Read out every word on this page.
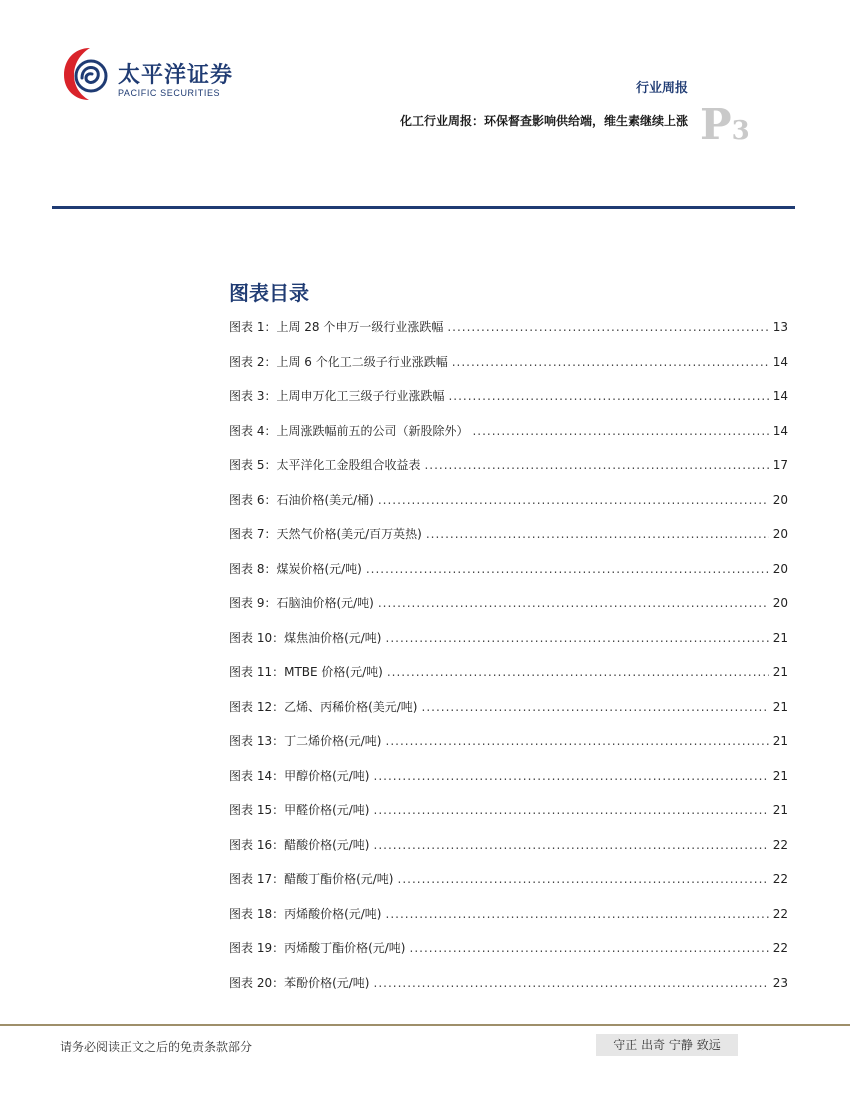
太平洋证券
PACIFIC SECURITIES	行业周报
化工行业周报：环保督查影响供给端，维生素继续上涨 P3
图表目录
图表 1：上周 28 个申万一级行业涨跌幅 .....	13
图表 2：上周 6 个化工二级子行业涨跌幅 .....	14
图表 3：上周申万化工三级子行业涨跌幅 .....	14
图表 4：上周涨跌幅前五的公司（新股除外） .....	14
图表 5：太平洋化工金股组合收益表 .....	17
图表 6：石油价格(美元/桶) .....	20
图表 7：天然气价格(美元/百万英热) .....	20
图表 8：煤炭价格(元/吨) .....	20
图表 9：石脑油价格(元/吨) .....	20
图表 10：煤焦油价格(元/吨) .....	21
图表 11：MTBE 价格(元/吨) .....	21
图表 12：乙烯、丙稀价格(美元/吨) .....	21
图表 13：丁二烯价格(元/吨) .....	21
图表 14：甲醇价格(元/吨) .....	21
图表 15：甲醛价格(元/吨) .....	21
图表 16：醋酸价格(元/吨) .....	22
图表 17：醋酸丁酯价格(元/吨) .....	22
图表 18：丙烯酸价格(元/吨) .....	22
图表 19：丙烯酸丁酯价格(元/吨) .....	22
图表 20：苯酚价格(元/吨) .....	23
请务必阅读正文之后的免责条款部分	守正 出奇 宁静 致远
